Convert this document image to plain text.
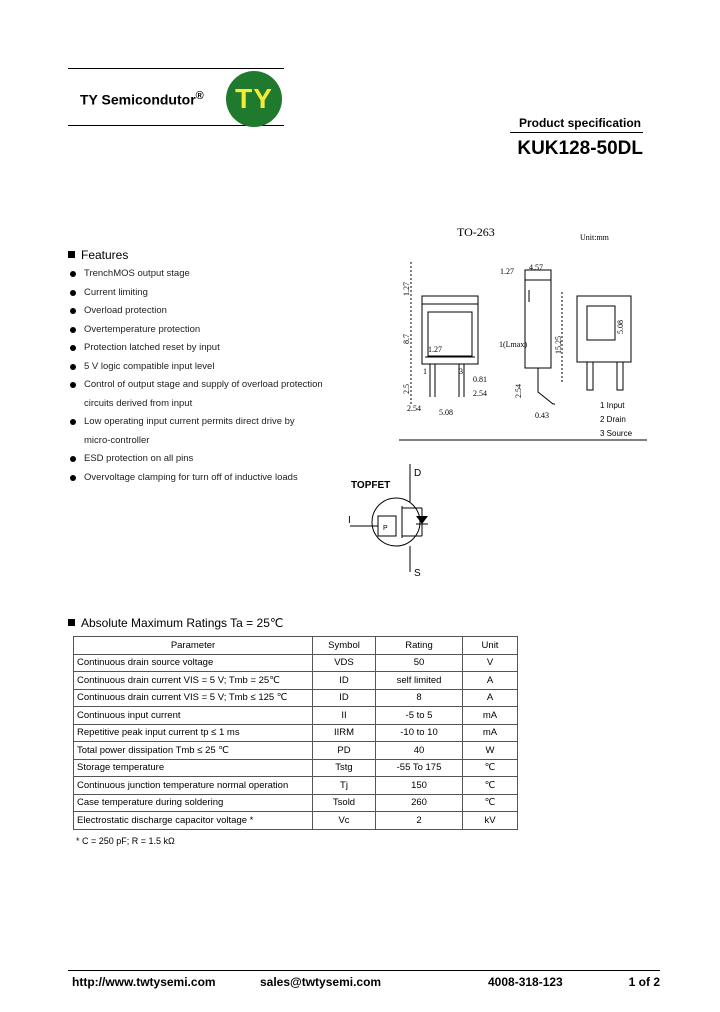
TY Semicondutor®	TY
Product specification
KUK128-50DL
Features
TrenchMOS output stage
Current limiting
Overload protection
Overtemperature protection
Protection latched reset by input
5 V logic compatible input level
Control of output stage and supply of overload protection
circuits derived from input
Low operating input current permits direct drive by
micro-controller
ESD protection on all pins
Overvoltage clamping for turn off of inductive loads
TO-263	Unit:mm
1.27
1.27 4.57
8.7
1.27
2.5
15.25
1(Lmax)
0.81
2.54
5.08
2.54
0.43
3
1
5.08
2.54
1 Input
2 Drain
3 Source
TOPFET
D
I
S
P
Absolute Maximum Ratings Ta = 25℃
Parameter	Symbol	Rating	Unit
Continuous drain source voltage	VDS	50	V
Continuous drain current VIS = 5 V; Tmb = 25℃	ID	self limited	A
Continuous drain current VIS = 5 V; Tmb ≤ 125 ℃	ID	8	A
Continuous input current	II	-5 to 5	mA
Repetitive peak input current tp ≤ 1 ms	IIRM	-10 to 10	mA
Total power dissipation Tmb ≤ 25 ℃	PD	40	W
Storage temperature	Tstg	-55 To 175	℃
Continuous junction temperature normal operation	Tj	150	℃
Case temperature during soldering	Tsold	260	℃
Electrostatic discharge capacitor voltage *	Vc	2	kV
* C = 250 pF; R = 1.5 kΩ
http://www.twtysemi.com	sales@twtysemi.com	4008-318-123	1 of 2
